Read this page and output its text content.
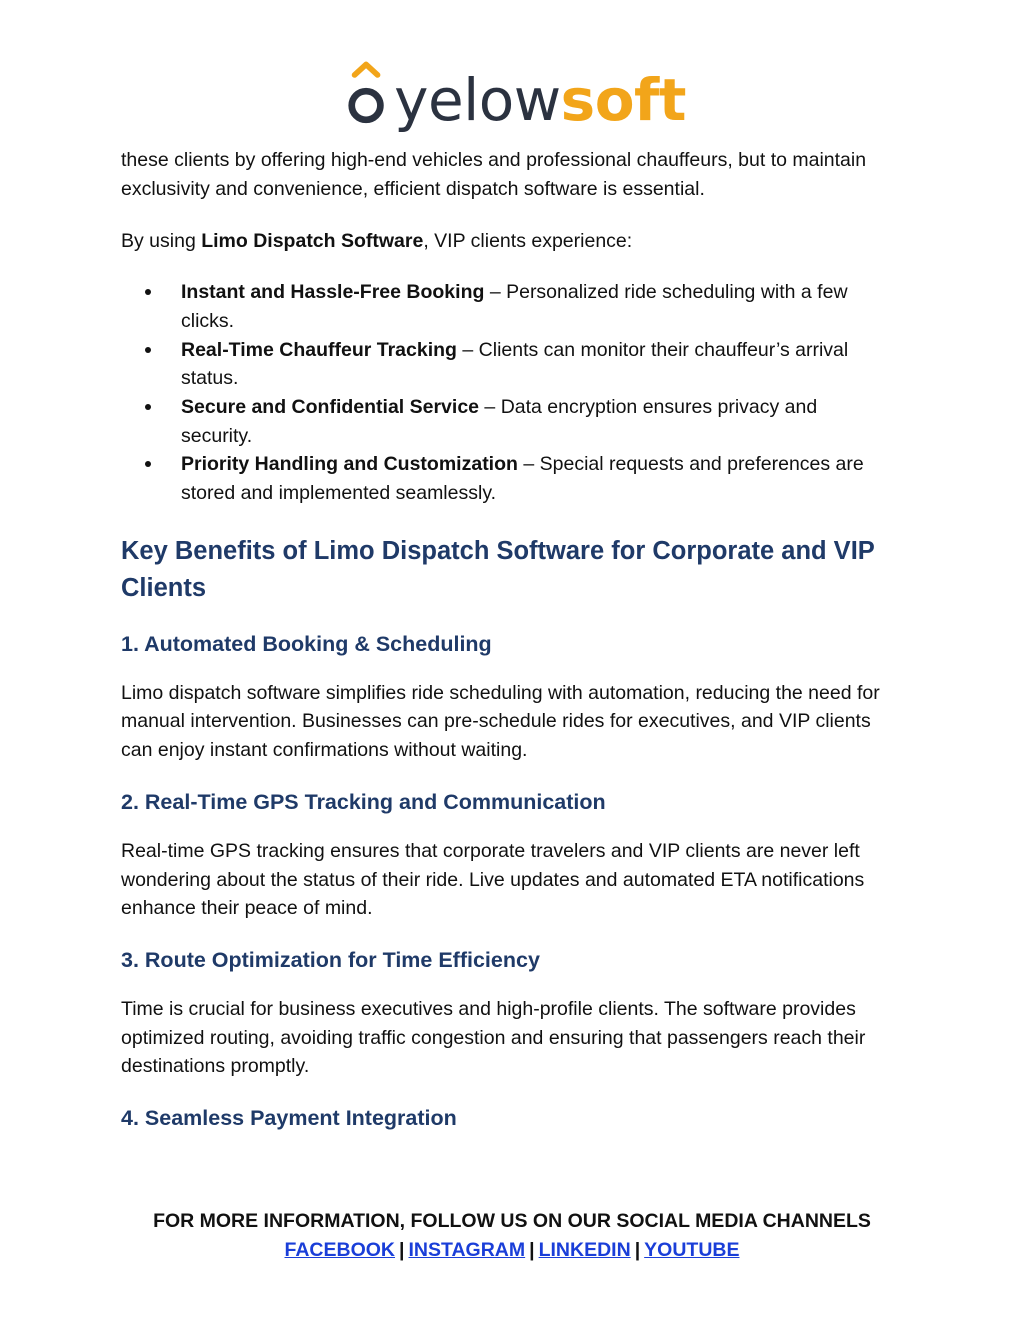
yelowsoft

these clients by offering high-end vehicles and professional chauffeurs, but to maintain exclusivity and convenience, efficient dispatch software is essential.

By using Limo Dispatch Software, VIP clients experience:

Instant and Hassle-Free Booking – Personalized ride scheduling with a few clicks.
Real-Time Chauffeur Tracking – Clients can monitor their chauffeur’s arrival status.
Secure and Confidential Service – Data encryption ensures privacy and security.
Priority Handling and Customization – Special requests and preferences are stored and implemented seamlessly.
Key Benefits of Limo Dispatch Software for Corporate and VIP Clients
1. Automated Booking & Scheduling

Limo dispatch software simplifies ride scheduling with automation, reducing the need for manual intervention. Businesses can pre-schedule rides for executives, and VIP clients can enjoy instant confirmations without waiting.

2. Real-Time GPS Tracking and Communication

Real-time GPS tracking ensures that corporate travelers and VIP clients are never left wondering about the status of their ride. Live updates and automated ETA notifications enhance their peace of mind.

3. Route Optimization for Time Efficiency

Time is crucial for business executives and high-profile clients. The software provides optimized routing, avoiding traffic congestion and ensuring that passengers reach their destinations promptly.

4. Seamless Payment Integration
FOR MORE INFORMATION, FOLLOW US ON OUR SOCIAL MEDIA CHANNELS
FACEBOOK | INSTAGRAM | LINKEDIN | YOUTUBE
